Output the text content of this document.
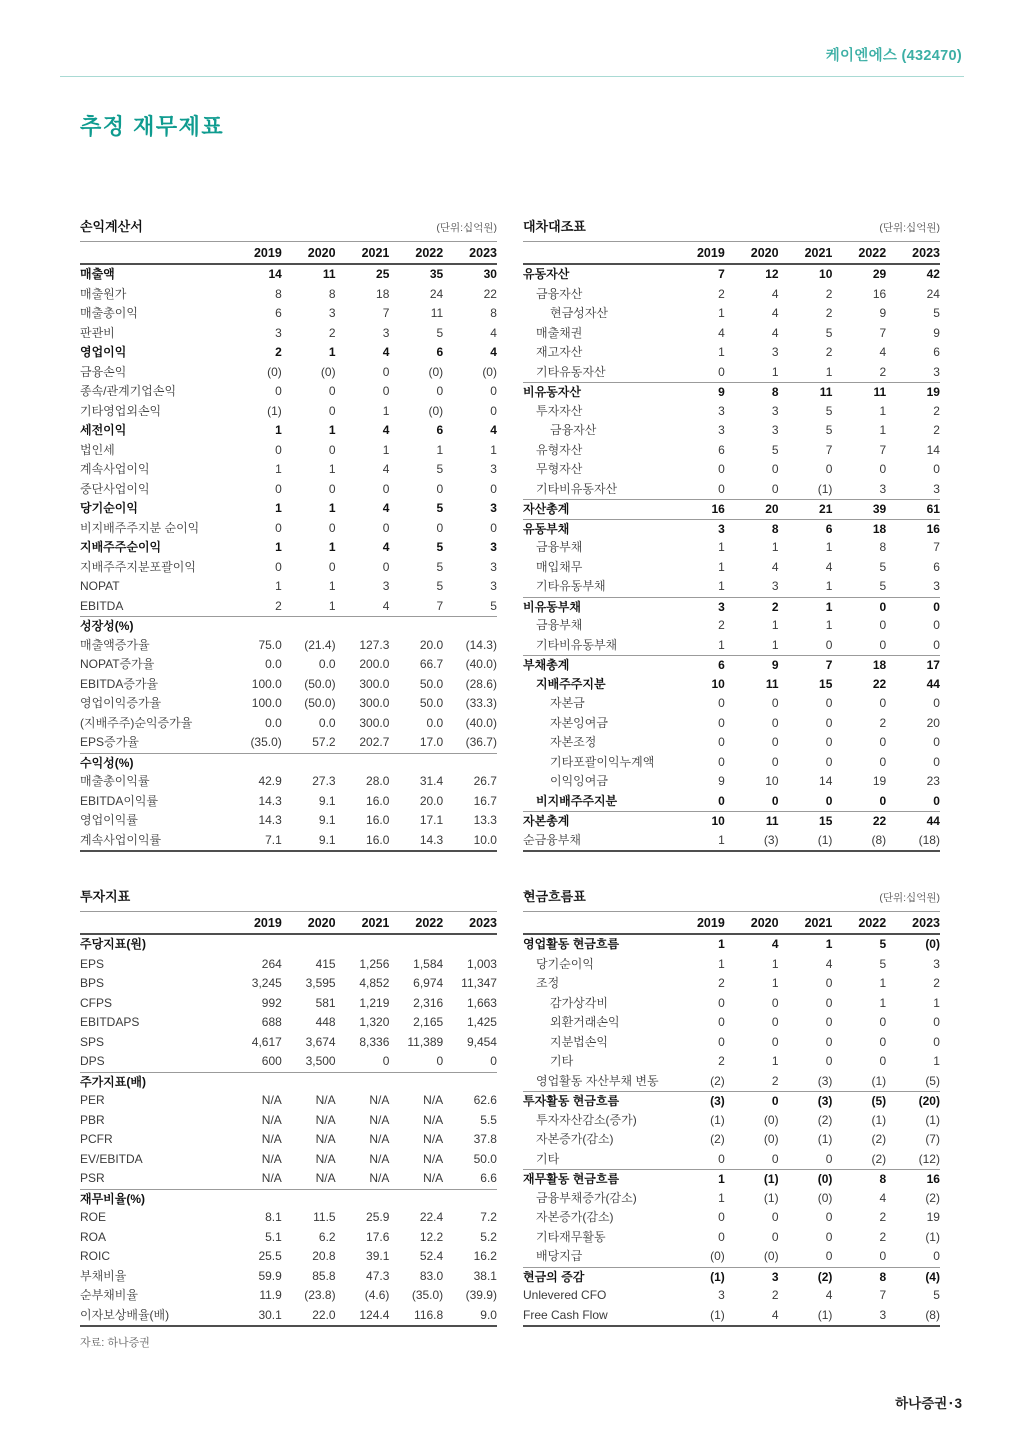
케이엔에스 (432470)
추정 재무제표
손익계산서	(단위:십억원)
2019	2020	2021	2022	2023
매출액	14	11	25	35	30
매출원가	8	8	18	24	22
매출총이익	6	3	7	11	8
판관비	3	2	3	5	4
영업이익	2	1	4	6	4
금융손익	(0)	(0)	0	(0)	(0)
종속/관계기업손익	0	0	0	0	0
기타영업외손익	(1)	0	1	(0)	0
세전이익	1	1	4	6	4
법인세	0	0	1	1	1
계속사업이익	1	1	4	5	3
중단사업이익	0	0	0	0	0
당기순이익	1	1	4	5	3
비지배주주지분 순이익	0	0	0	0	0
지배주주순이익	1	1	4	5	3
지배주주지분포괄이익	0	0	0	5	3
NOPAT	1	1	3	5	3
EBITDA	2	1	4	7	5
성장성(%)
매출액증가율	75.0	(21.4)	127.3	20.0	(14.3)
NOPAT증가율	0.0	0.0	200.0	66.7	(40.0)
EBITDA증가율	100.0	(50.0)	300.0	50.0	(28.6)
영업이익증가율	100.0	(50.0)	300.0	50.0	(33.3)
(지배주주)순익증가율	0.0	0.0	300.0	0.0	(40.0)
EPS증가율	(35.0)	57.2	202.7	17.0	(36.7)
수익성(%)
매출총이익률	42.9	27.3	28.0	31.4	26.7
EBITDA이익률	14.3	9.1	16.0	20.0	16.7
영업이익률	14.3	9.1	16.0	17.1	13.3
계속사업이익률	7.1	9.1	16.0	14.3	10.0
대차대조표	(단위:십억원)
2019	2020	2021	2022	2023
유동자산	7	12	10	29	42
금융자산	2	4	2	16	24
현금성자산	1	4	2	9	5
매출채권	4	4	5	7	9
재고자산	1	3	2	4	6
기타유동자산	0	1	1	2	3
비유동자산	9	8	11	11	19
투자자산	3	3	5	1	2
금융자산	3	3	5	1	2
유형자산	6	5	7	7	14
무형자산	0	0	0	0	0
기타비유동자산	0	0	(1)	3	3
자산총계	16	20	21	39	61
유동부채	3	8	6	18	16
금융부채	1	1	1	8	7
매입채무	1	4	4	5	6
기타유동부채	1	3	1	5	3
비유동부채	3	2	1	0	0
금융부채	2	1	1	0	0
기타비유동부채	1	1	0	0	0
부채총계	6	9	7	18	17
지배주주지분	10	11	15	22	44
자본금	0	0	0	0	0
자본잉여금	0	0	0	2	20
자본조정	0	0	0	0	0
기타포괄이익누계액	0	0	0	0	0
이익잉여금	9	10	14	19	23
비지배주주지분	0	0	0	0	0
자본총계	10	11	15	22	44
순금융부채	1	(3)	(1)	(8)	(18)
투자지표
2019	2020	2021	2022	2023
주당지표(원)
EPS	264	415	1,256	1,584	1,003
BPS	3,245	3,595	4,852	6,974	11,347
CFPS	992	581	1,219	2,316	1,663
EBITDAPS	688	448	1,320	2,165	1,425
SPS	4,617	3,674	8,336	11,389	9,454
DPS	600	3,500	0	0	0
주가지표(배)
PER	N/A	N/A	N/A	N/A	62.6
PBR	N/A	N/A	N/A	N/A	5.5
PCFR	N/A	N/A	N/A	N/A	37.8
EV/EBITDA	N/A	N/A	N/A	N/A	50.0
PSR	N/A	N/A	N/A	N/A	6.6
재무비율(%)
ROE	8.1	11.5	25.9	22.4	7.2
ROA	5.1	6.2	17.6	12.2	5.2
ROIC	25.5	20.8	39.1	52.4	16.2
부채비율	59.9	85.8	47.3	83.0	38.1
순부채비율	11.9	(23.8)	(4.6)	(35.0)	(39.9)
이자보상배율(배)	30.1	22.0	124.4	116.8	9.0
현금흐름표	(단위:십억원)
2019	2020	2021	2022	2023
영업활동 현금흐름	1	4	1	5	(0)
당기순이익	1	1	4	5	3
조정	2	1	0	1	2
감가상각비	0	0	0	1	1
외환거래손익	0	0	0	0	0
지분법손익	0	0	0	0	0
기타	2	1	0	0	1
영업활동 자산부채 변동	(2)	2	(3)	(1)	(5)
투자활동 현금흐름	(3)	0	(3)	(5)	(20)
투자자산감소(증가)	(1)	(0)	(2)	(1)	(1)
자본증가(감소)	(2)	(0)	(1)	(2)	(7)
기타	0	0	0	(2)	(12)
재무활동 현금흐름	1	(1)	(0)	8	16
금융부채증가(감소)	1	(1)	(0)	4	(2)
자본증가(감소)	0	0	0	2	19
기타재무활동	0	0	0	2	(1)
배당지급	(0)	(0)	0	0	0
현금의 증감	(1)	3	(2)	8	(4)
Unlevered CFO	3	2	4	7	5
Free Cash Flow	(1)	4	(1)	3	(8)
자료: 하나증권
하나증권 ▪ 3
